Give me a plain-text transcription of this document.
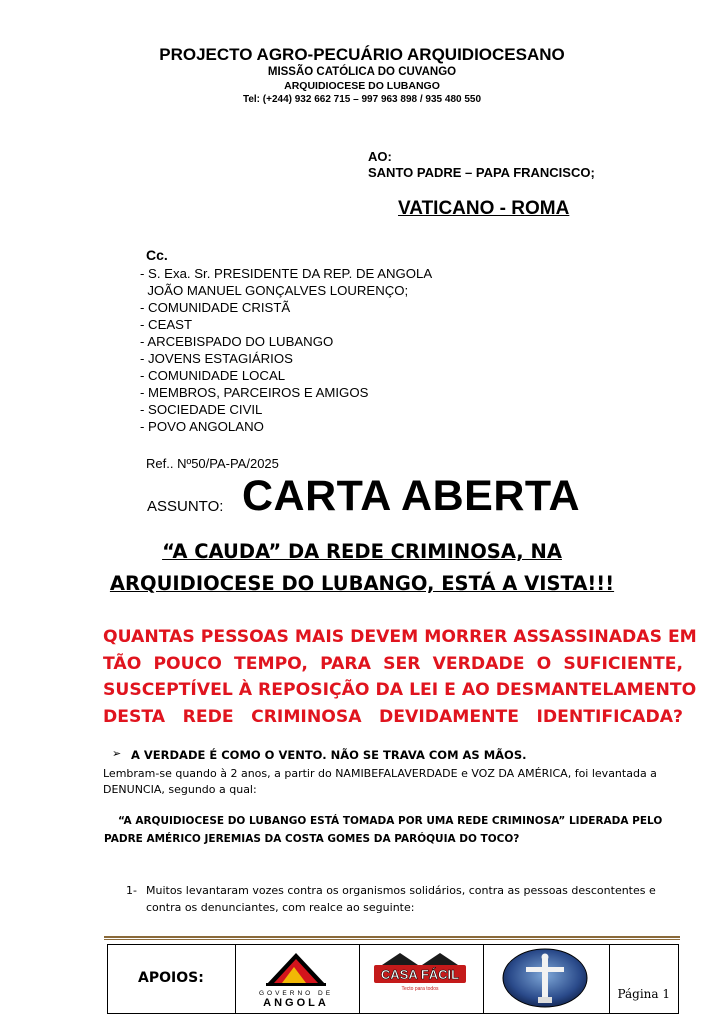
PROJECTO AGRO-PECUÁRIO ARQUIDIOCESANO
MISSÃO CATÓLICA DO CUVANGO
ARQUIDIOCESE DO LUBANGO
Tel: (+244) 932 662 715 – 997 963 898 / 935 480 550
AO:
SANTO PADRE – PAPA FRANCISCO;
VATICANO - ROMA
Cc.
- S. Exa. Sr. PRESIDENTE DA REP. DE ANGOLA
JOÃO MANUEL GONÇALVES LOURENÇO;
- COMUNIDADE CRISTÃ
- CEAST
- ARCEBISPADO DO LUBANGO
- JOVENS ESTAGIÁRIOS
- COMUNIDADE LOCAL
- MEMBROS, PARCEIROS E AMIGOS
- SOCIEDADE CIVIL
- POVO ANGOLANO
Ref.. Nº50/PA-PA/2025
ASSUNTO: CARTA ABERTA
“A CAUDA” DA REDE CRIMINOSA, NA
ARQUIDIOCESE DO LUBANGO, ESTÁ A VISTA!!!
QUANTAS PESSOAS MAIS DEVEM MORRER ASSASSINADAS EM
TÃO POUCO TEMPO, PARA SER VERDADE O SUFICIENTE,
SUSCEPTÍVEL À REPOSIÇÃO DA LEI E AO DESMANTELAMENTO
DESTA REDE CRIMINOSA DEVIDAMENTE IDENTIFICADA?
➢ A VERDADE É COMO O VENTO. NÃO SE TRAVA COM AS MÃOS.
Lembram-se quando à 2 anos, a partir do NAMIBEFALAVERDADE e VOZ DA AMÉRICA, foi levantada a
DENUNCIA, segundo a qual:
“A ARQUIDIOCESE DO LUBANGO ESTÁ TOMADA POR UMA REDE CRIMINOSA” LIDERADA PELO
PADRE AMÉRICO JEREMIAS DA COSTA GOMES DA PARÓQUIA DO TOCO?
1- Muitos levantaram vozes contra os organismos solidários, contra as pessoas descontentes e
contra os denunciantes, com realce ao seguinte:
APOIOS:
GOVERNO DE
ANGOLA
CASA FÁCIL
Tecto para todos	Página 1
